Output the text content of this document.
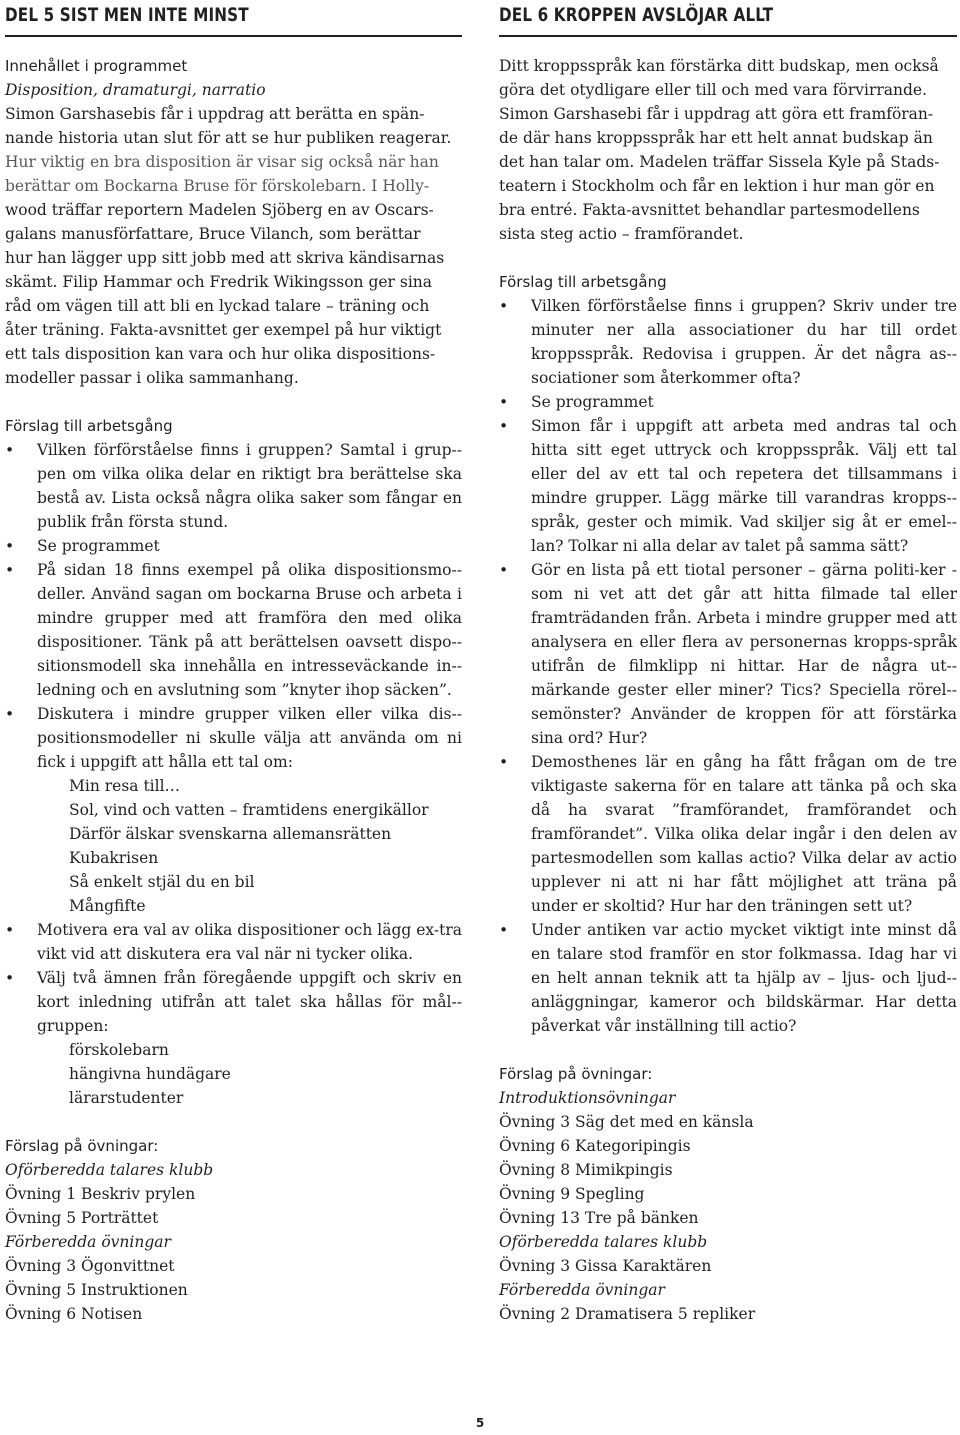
DEL 5 SIST MEN INTE MINST
Innehållet i programmet
Disposition, dramaturgi, narratio
Simon Garshasebis får i uppdrag att berätta en spän-
nande historia utan slut för att se hur publiken reagerar.
Hur viktig en bra disposition är visar sig också när han
berättar om Bockarna Bruse för förskolebarn. I Holly-
wood träffar reportern Madelen Sjöberg en av Oscars-
galans manusförfattare, Bruce Vilanch, som berättar
hur han lägger upp sitt jobb med att skriva kändisarnas
skämt. Filip Hammar och Fredrik Wikingsson ger sina
råd om vägen till att bli en lyckad talare – träning och
åter träning. Fakta-avsnittet ger exempel på hur viktigt
ett tals disposition kan vara och hur olika dispositions-
modeller passar i olika sammanhang.
Förslag till arbetsgång
• Vilken förförståelse finns i gruppen? Samtal i grup-pen om vilka olika delar en riktigt bra berättelse ska bestå av. Lista också några olika saker som fångar en publik från första stund.
• Se programmet
• På sidan 18 finns exempel på olika dispositionsmo-deller. Använd sagan om bockarna Bruse och arbeta i mindre grupper med att framföra den med olika dispositioner. Tänk på att berättelsen oavsett dispo-sitionsmodell ska innehålla en intresseväckande in-ledning och en avslutning som ”knyter ihop säcken”.
• Diskutera i mindre grupper vilken eller vilka dis-positionsmodeller ni skulle välja att använda om ni fick i uppgift att hålla ett tal om:
Min resa till…
Sol, vind och vatten – framtidens energikällor
Därför älskar svenskarna allemansrätten
Kubakrisen
Så enkelt stjäl du en bil
Mångfifte
• Motivera era val av olika dispositioner och lägg ex-tra vikt vid att diskutera era val när ni tycker olika.
• Välj två ämnen från föregående uppgift och skriv en kort inledning utifrån att talet ska hållas för mål-gruppen:
förskolebarn
hängivna hundägare
lärarstudenter
Förslag på övningar:
Oförberedda talares klubb
Övning 1 Beskriv prylen
Övning 5 Porträttet
Förberedda övningar
Övning 3 Ögonvittnet
Övning 5 Instruktionen
Övning 6 Notisen
DEL 6 KROPPEN AVSLÖJAR ALLT
Ditt kroppsspråk kan förstärka ditt budskap, men också
göra det otydligare eller till och med vara förvirrande.
Simon Garshasebi får i uppdrag att göra ett framföran-
de där hans kroppsspråk har ett helt annat budskap än
det han talar om. Madelen träffar Sissela Kyle på Stads-
teatern i Stockholm och får en lektion i hur man gör en
bra entré. Fakta-avsnittet behandlar partesmodellens
sista steg actio – framförandet.
Förslag till arbetsgång
• Vilken förförståelse finns i gruppen? Skriv under tre minuter ner alla associationer du har till ordet kroppsspråk. Redovisa i gruppen. Är det några as-sociationer som återkommer ofta?
• Se programmet
• Simon får i uppgift att arbeta med andras tal och hitta sitt eget uttryck och kroppsspråk. Välj ett tal eller del av ett tal och repetera det tillsammans i mindre grupper. Lägg märke till varandras kropps-språk, gester och mimik. Vad skiljer sig åt er emel-lan? Tolkar ni alla delar av talet på samma sätt?
• Gör en lista på ett tiotal personer – gärna politi-ker - som ni vet att det går att hitta filmade tal eller framträdanden från. Arbeta i mindre grupper med att analysera en eller flera av personernas kropps-språk utifrån de filmklipp ni hittar. Har de några ut-märkande gester eller miner? Tics? Speciella rörel-semönster? Använder de kroppen för att förstärka sina ord? Hur?
• Demosthenes lär en gång ha fått frågan om de tre viktigaste sakerna för en talare att tänka på och ska då ha svarat ”framförandet, framförandet och framförandet”. Vilka olika delar ingår i den delen av partesmodellen som kallas actio? Vilka delar av actio upplever ni att ni har fått möjlighet att träna på under er skoltid? Hur har den träningen sett ut?
• Under antiken var actio mycket viktigt inte minst då en talare stod framför en stor folkmassa. Idag har vi en helt annan teknik att ta hjälp av – ljus- och ljud-anläggningar, kameror och bildskärmar. Har detta påverkat vår inställning till actio?
Förslag på övningar:
Introduktionsövningar
Övning 3 Säg det med en känsla
Övning 6 Kategoripingis
Övning 8 Mimikpingis
Övning 9 Spegling
Övning 13 Tre på bänken
Oförberedda talares klubb
Övning 3 Gissa Karaktären
Förberedda övningar
Övning 2 Dramatisera 5 repliker
5
